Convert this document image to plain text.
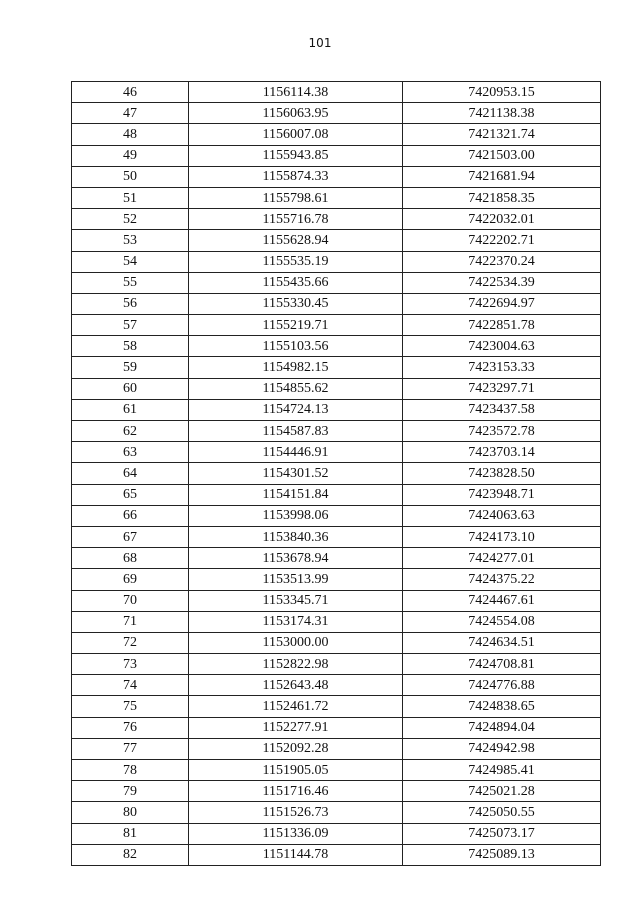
101
46	1156114.38	7420953.15
47	1156063.95	7421138.38
48	1156007.08	7421321.74
49	1155943.85	7421503.00
50	1155874.33	7421681.94
51	1155798.61	7421858.35
52	1155716.78	7422032.01
53	1155628.94	7422202.71
54	1155535.19	7422370.24
55	1155435.66	7422534.39
56	1155330.45	7422694.97
57	1155219.71	7422851.78
58	1155103.56	7423004.63
59	1154982.15	7423153.33
60	1154855.62	7423297.71
61	1154724.13	7423437.58
62	1154587.83	7423572.78
63	1154446.91	7423703.14
64	1154301.52	7423828.50
65	1154151.84	7423948.71
66	1153998.06	7424063.63
67	1153840.36	7424173.10
68	1153678.94	7424277.01
69	1153513.99	7424375.22
70	1153345.71	7424467.61
71	1153174.31	7424554.08
72	1153000.00	7424634.51
73	1152822.98	7424708.81
74	1152643.48	7424776.88
75	1152461.72	7424838.65
76	1152277.91	7424894.04
77	1152092.28	7424942.98
78	1151905.05	7424985.41
79	1151716.46	7425021.28
80	1151526.73	7425050.55
81	1151336.09	7425073.17
82	1151144.78	7425089.13
